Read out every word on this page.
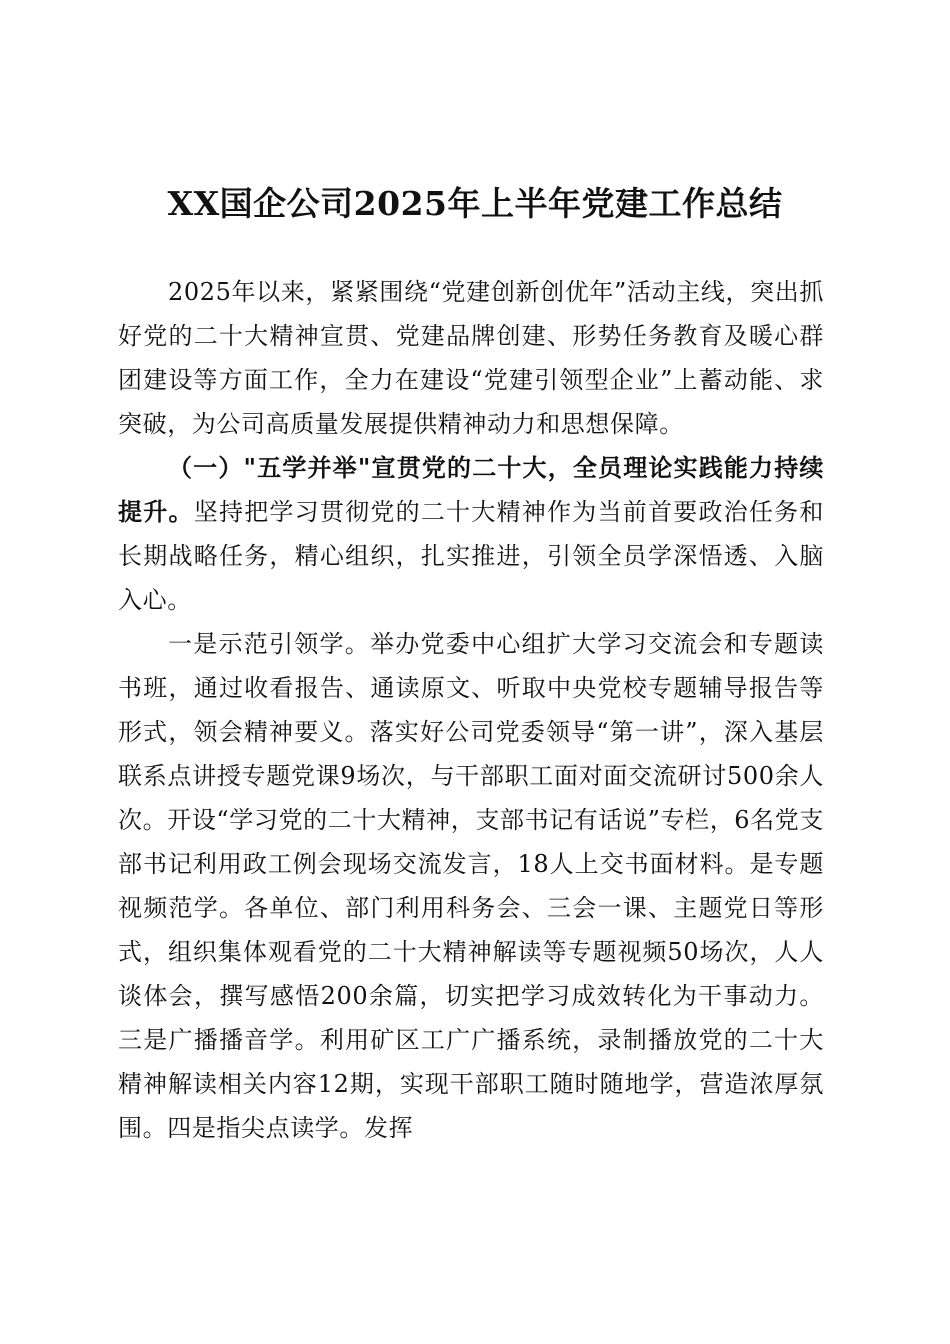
XX国企公司2025年上半年党建工作总结

2025年以来，紧紧围绕“党建创新创优年”活动主线，突出抓好党的二十大精神宣贯、党建品牌创建、形势任务教育及暖心群团建设等方面工作，全力在建设“党建引领型企业”上蓄动能、求突破，为公司高质量发展提供精神动力和思想保障。

（一）"五学并举"宣贯党的二十大，全员理论实践能力持续提升。坚持把学习贯彻党的二十大精神作为当前首要政治任务和长期战略任务，精心组织，扎实推进，引领全员学深悟透、入脑入心。

一是示范引领学。举办党委中心组扩大学习交流会和专题读书班，通过收看报告、通读原文、听取中央党校专题辅导报告等形式，领会精神要义。落实好公司党委领导“第一讲”，深入基层联系点讲授专题党课9场次，与干部职工面对面交流研讨500余人次。开设“学习党的二十大精神，支部书记有话说”专栏，6名党支部书记利用政工例会现场交流发言，18人上交书面材料。是专题视频范学。各单位、部门利用科务会、三会一课、主题党日等形式，组织集体观看党的二十大精神解读等专题视频50场次，人人谈体会，撰写感悟200余篇，切实把学习成效转化为干事动力。三是广播播音学。利用矿区工广广播系统，录制播放党的二十大精神解读相关内容12期，实现干部职工随时随地学，营造浓厚氛围。四是指尖点读学。发挥
